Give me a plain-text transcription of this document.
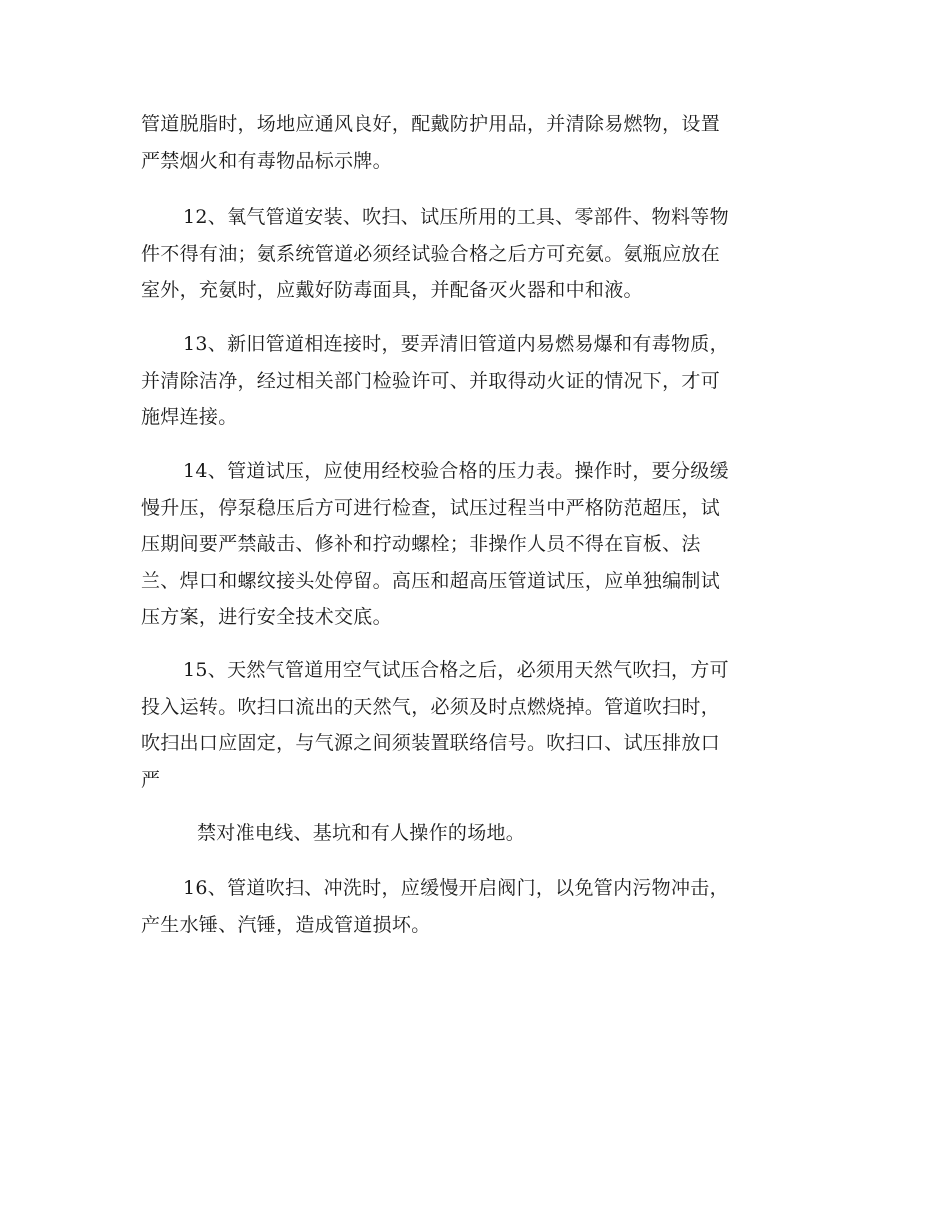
管道脱脂时，场地应通风良好，配戴防护用品，并清除易燃物，设置
严禁烟火和有毒物品标示牌。
12、氧气管道安装、吹扫、试压所用的工具、零部件、物料等物
件不得有油；氨系统管道必须经试验合格之后方可充氨。氨瓶应放在
室外，充氨时，应戴好防毒面具，并配备灭火器和中和液。
13、新旧管道相连接时，要弄清旧管道内易燃易爆和有毒物质，
并清除洁净，经过相关部门检验许可、并取得动火证的情况下，才可
施焊连接。
14、管道试压，应使用经校验合格的压力表。操作时，要分级缓
慢升压，停泵稳压后方可进行检查，试压过程当中严格防范超压，试
压期间要严禁敲击、修补和拧动螺栓；非操作人员不得在盲板、法
兰、焊口和螺纹接头处停留。高压和超高压管道试压，应单独编制试
压方案，进行安全技术交底。
15、天然气管道用空气试压合格之后，必须用天然气吹扫，方可
投入运转。吹扫口流出的天然气，必须及时点燃烧掉。管道吹扫时，
吹扫出口应固定，与气源之间须装置联络信号。吹扫口、试压排放口
严
禁对准电线、基坑和有人操作的场地。
16、管道吹扫、冲洗时，应缓慢开启阀门，以免管内污物冲击，
产生水锤、汽锤，造成管道损坏。
